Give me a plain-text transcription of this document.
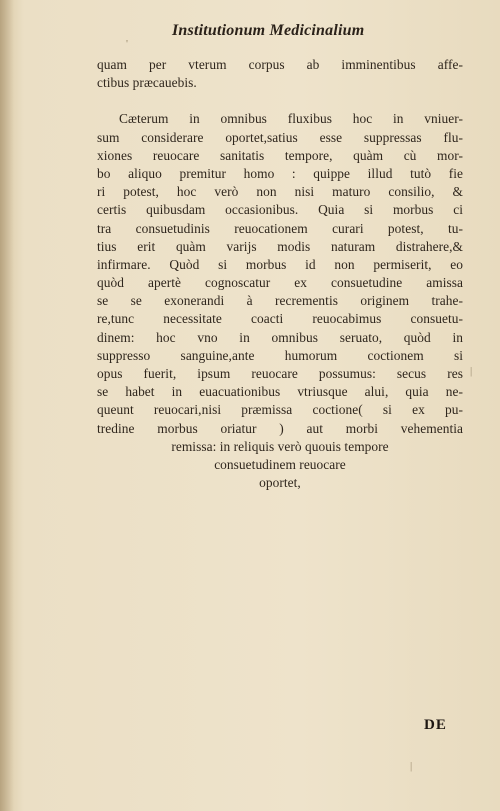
Institutionum Medicinalium
quam per vterum corpus ab imminentibus affe-
ctibus præcauebis.
Cæterum in omnibus fluxibus hoc in vniuer-
sum considerare oportet,satius esse suppressas flu-
xiones reuocare sanitatis tempore, quàm cù mor-
bo aliquo premitur homo : quippe illud tutò fie
ri potest, hoc verò non nisi maturo consilio, &
certis quibusdam occasionibus. Quia si morbus ci
tra consuetudinis reuocationem curari potest, tu-
tius erit quàm varijs modis naturam distrahere,&
infirmare. Quòd si morbus id non permiserit, eo
quòd apertè cognoscatur ex consuetudine amissa
se se exonerandi à recrementis originem trahe-
re,tunc necessitate coacti reuocabimus consuetu-
dinem: hoc vno in omnibus seruato, quòd in
suppresso sanguine,ante humorum coctionem si
opus fuerit, ipsum reuocare possumus: secus res
se habet in euacuationibus vtriusque alui, quia ne-
queunt reuocari,nisi præmissa coctione( si ex pu-
tredine morbus oriatur ) aut morbi vehementia
remissa: in reliquis verò quouis tempore
consuetudinem reuocare
oportet,
DE
'
|
|
